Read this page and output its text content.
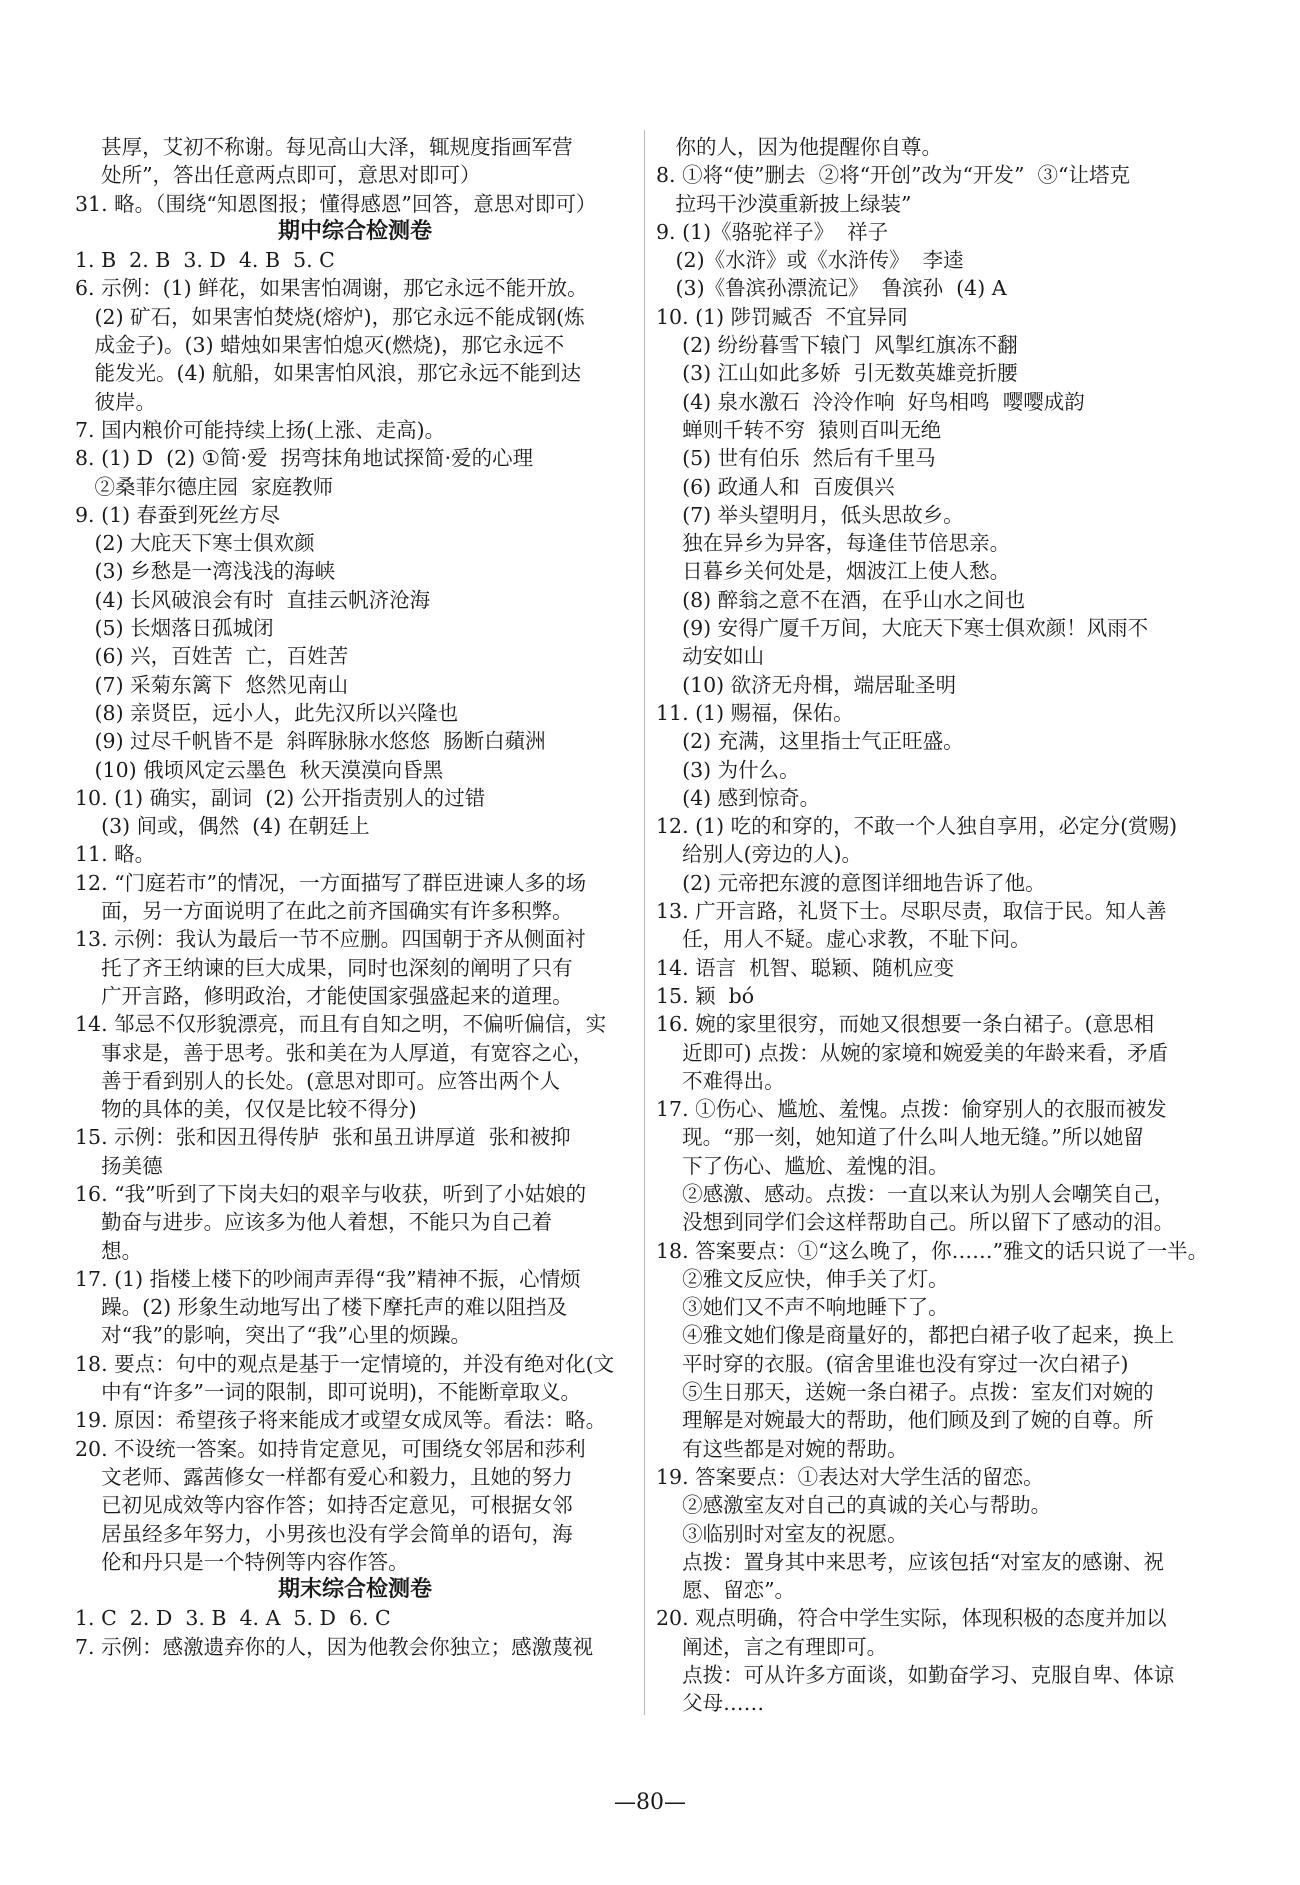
甚厚，艾初不称谢。每见高山大泽，辄规度指画军营
处所”，答出任意两点即可，意思对即可）
31. 略。（围绕“知恩图报；懂得感恩”回答，意思对即可）
期中综合检测卷
1. B  2. B  3. D  4. B  5. C
6. 示例：(1) 鲜花，如果害怕凋谢，那它永远不能开放。
(2) 矿石，如果害怕焚烧(熔炉)，那它永远不能成钢(炼
成金子)。(3) 蜡烛如果害怕熄灭(燃烧)，那它永远不
能发光。(4) 航船，如果害怕风浪，那它永远不能到达
彼岸。
7. 国内粮价可能持续上扬(上涨、走高)。
8. (1) D  (2) ①简·爱  拐弯抹角地试探简·爱的心理
②桑菲尔德庄园  家庭教师
9. (1) 春蚕到死丝方尽
(2) 大庇天下寒士俱欢颜
(3) 乡愁是一湾浅浅的海峡
(4) 长风破浪会有时  直挂云帆济沧海
(5) 长烟落日孤城闭
(6) 兴，百姓苦  亡，百姓苦
(7) 采菊东篱下  悠然见南山
(8) 亲贤臣，远小人，此先汉所以兴隆也
(9) 过尽千帆皆不是  斜晖脉脉水悠悠  肠断白蘋洲
(10) 俄顷风定云墨色  秋天漠漠向昏黑
10. (1) 确实，副词  (2) 公开指责别人的过错
(3) 间或，偶然  (4) 在朝廷上
11. 略。
12. “门庭若市”的情况，一方面描写了群臣进谏人多的场
面，另一方面说明了在此之前齐国确实有许多积弊。
13. 示例：我认为最后一节不应删。四国朝于齐从侧面衬
托了齐王纳谏的巨大成果，同时也深刻的阐明了只有
广开言路，修明政治，才能使国家强盛起来的道理。
14. 邹忌不仅形貌漂亮，而且有自知之明，不偏听偏信，实
事求是，善于思考。张和美在为人厚道，有宽容之心，
善于看到别人的长处。(意思对即可。应答出两个人
物的具体的美，仅仅是比较不得分)
15. 示例：张和因丑得传胪  张和虽丑讲厚道  张和被抑
扬美德
16. “我”听到了下岗夫妇的艰辛与收获，听到了小姑娘的
勤奋与进步。应该多为他人着想，不能只为自己着
想。
17. (1) 指楼上楼下的吵闹声弄得“我”精神不振，心情烦
躁。(2) 形象生动地写出了楼下摩托声的难以阻挡及
对“我”的影响，突出了“我”心里的烦躁。
18. 要点：句中的观点是基于一定情境的，并没有绝对化(文
中有“许多”一词的限制，即可说明)，不能断章取义。
19. 原因：希望孩子将来能成才或望女成凤等。看法：略。
20. 不设统一答案。如持肯定意见，可围绕女邻居和莎利
文老师、露茜修女一样都有爱心和毅力，且她的努力
已初见成效等内容作答；如持否定意见，可根据女邻
居虽经多年努力，小男孩也没有学会简单的语句，海
伦和丹只是一个特例等内容作答。
期末综合检测卷
1. C  2. D  3. B  4. A  5. D  6. C
7. 示例：感激遗弃你的人，因为他教会你独立；感激蔑视
你的人，因为他提醒你自尊。
8. ①将“使”删去  ②将“开创”改为“开发”  ③“让塔克
拉玛干沙漠重新披上绿装”
9. (1)《骆驼祥子》  祥子
(2)《水浒》或《水浒传》  李逵
(3)《鲁滨孙漂流记》  鲁滨孙  (4) A
10. (1) 陟罚臧否  不宜异同
(2) 纷纷暮雪下辕门  风掣红旗冻不翻
(3) 江山如此多娇  引无数英雄竞折腰
(4) 泉水激石  泠泠作响  好鸟相鸣  嘤嘤成韵
蝉则千转不穷  猿则百叫无绝
(5) 世有伯乐  然后有千里马
(6) 政通人和  百废俱兴
(7) 举头望明月，低头思故乡。
独在异乡为异客，每逢佳节倍思亲。
日暮乡关何处是，烟波江上使人愁。
(8) 醉翁之意不在酒，在乎山水之间也
(9) 安得广厦千万间，大庇天下寒士俱欢颜！风雨不
动安如山
(10) 欲济无舟楫，端居耻圣明
11. (1) 赐福，保佑。
(2) 充满，这里指士气正旺盛。
(3) 为什么。
(4) 感到惊奇。
12. (1) 吃的和穿的，不敢一个人独自享用，必定分(赏赐)
给别人(旁边的人)。
(2) 元帝把东渡的意图详细地告诉了他。
13. 广开言路，礼贤下士。尽职尽责，取信于民。知人善
任，用人不疑。虚心求教，不耻下问。
14. 语言  机智、聪颖、随机应变
15. 颖  bó
16. 婉的家里很穷，而她又很想要一条白裙子。(意思相
近即可) 点拨：从婉的家境和婉爱美的年龄来看，矛盾
不难得出。
17. ①伤心、尴尬、羞愧。点拨：偷穿别人的衣服而被发
现。“那一刻，她知道了什么叫人地无缝。”所以她留
下了伤心、尴尬、羞愧的泪。
②感激、感动。点拨：一直以来认为别人会嘲笑自己，
没想到同学们会这样帮助自己。所以留下了感动的泪。
18. 答案要点：①“这么晚了，你……”雅文的话只说了一半。
②雅文反应快，伸手关了灯。
③她们又不声不响地睡下了。
④雅文她们像是商量好的，都把白裙子收了起来，换上
平时穿的衣服。(宿舍里谁也没有穿过一次白裙子)
⑤生日那天，送婉一条白裙子。点拨：室友们对婉的
理解是对婉最大的帮助，他们顾及到了婉的自尊。所
有这些都是对婉的帮助。
19. 答案要点：①表达对大学生活的留恋。
②感激室友对自己的真诚的关心与帮助。
③临别时对室友的祝愿。
点拨：置身其中来思考，应该包括“对室友的感谢、祝
愿、留恋”。
20. 观点明确，符合中学生实际，体现积极的态度并加以
阐述，言之有理即可。
点拨：可从许多方面谈，如勤奋学习、克服自卑、体谅
父母……
—80—
